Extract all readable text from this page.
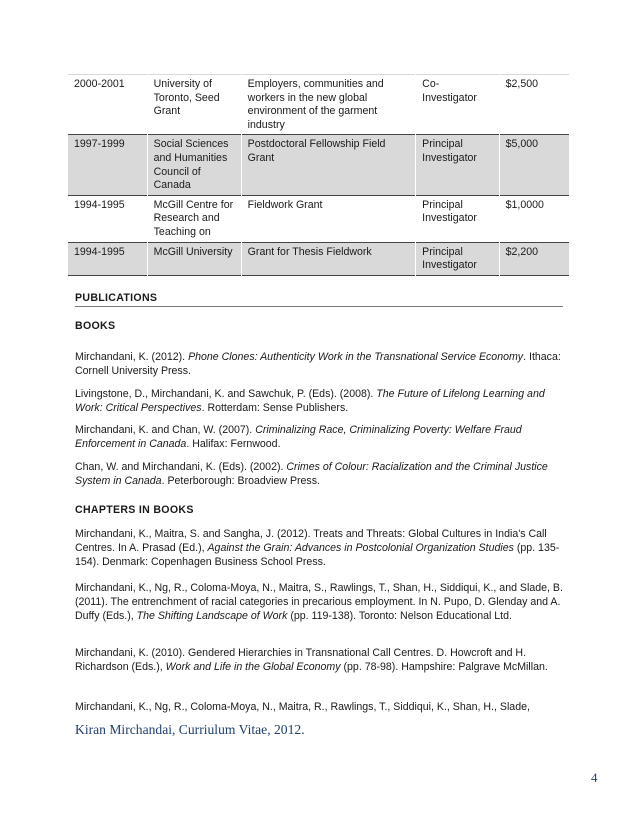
2000-2001	University of Toronto, Seed Grant	Employers, communities and workers in the new global environment of the garment industry	Co-Investigator	$2,500
1997-1999	Social Sciences and Humanities Council of Canada	Postdoctoral Fellowship Field Grant	Principal Investigator	$5,000
1994-1995	McGill Centre for Research and Teaching on	Fieldwork Grant	Principal Investigator	$1,0000
1994-1995	McGill University	Grant for Thesis Fieldwork	Principal Investigator	$2,200
PUBLICATIONS
BOOKS
Mirchandani, K. (2012). Phone Clones: Authenticity Work in the Transnational Service Economy. Ithaca: Cornell University Press.
Livingstone, D., Mirchandani, K. and Sawchuk, P. (Eds). (2008). The Future of Lifelong Learning and Work: Critical Perspectives. Rotterdam: Sense Publishers.
Mirchandani, K. and Chan, W. (2007). Criminalizing Race, Criminalizing Poverty: Welfare Fraud Enforcement in Canada. Halifax: Fernwood.
Chan, W. and Mirchandani, K. (Eds). (2002). Crimes of Colour: Racialization and the Criminal Justice System in Canada. Peterborough: Broadview Press.
CHAPTERS IN BOOKS
Mirchandani, K., Maitra, S. and Sangha, J. (2012). Treats and Threats: Global Cultures in India's Call Centres. In A. Prasad (Ed.), Against the Grain: Advances in Postcolonial Organization Studies (pp. 135-154). Denmark: Copenhagen Business School Press.
Mirchandani, K., Ng, R., Coloma-Moya, N., Maitra, S., Rawlings, T., Shan, H., Siddiqui, K., and Slade, B. (2011). The entrenchment of racial categories in precarious employment. In N. Pupo, D. Glenday and A. Duffy (Eds.), The Shifting Landscape of Work (pp. 119-138). Toronto: Nelson Educational Ltd.
Mirchandani, K. (2010). Gendered Hierarchies in Transnational Call Centres. D. Howcroft and H. Richardson (Eds.), Work and Life in the Global Economy (pp. 78-98). Hampshire: Palgrave McMillan.
Mirchandani, K., Ng, R., Coloma-Moya, N., Maitra, R., Rawlings, T., Siddiqui, K., Shan, H., Slade,
Kiran Mirchandai, Curriulum Vitae, 2012.
4
